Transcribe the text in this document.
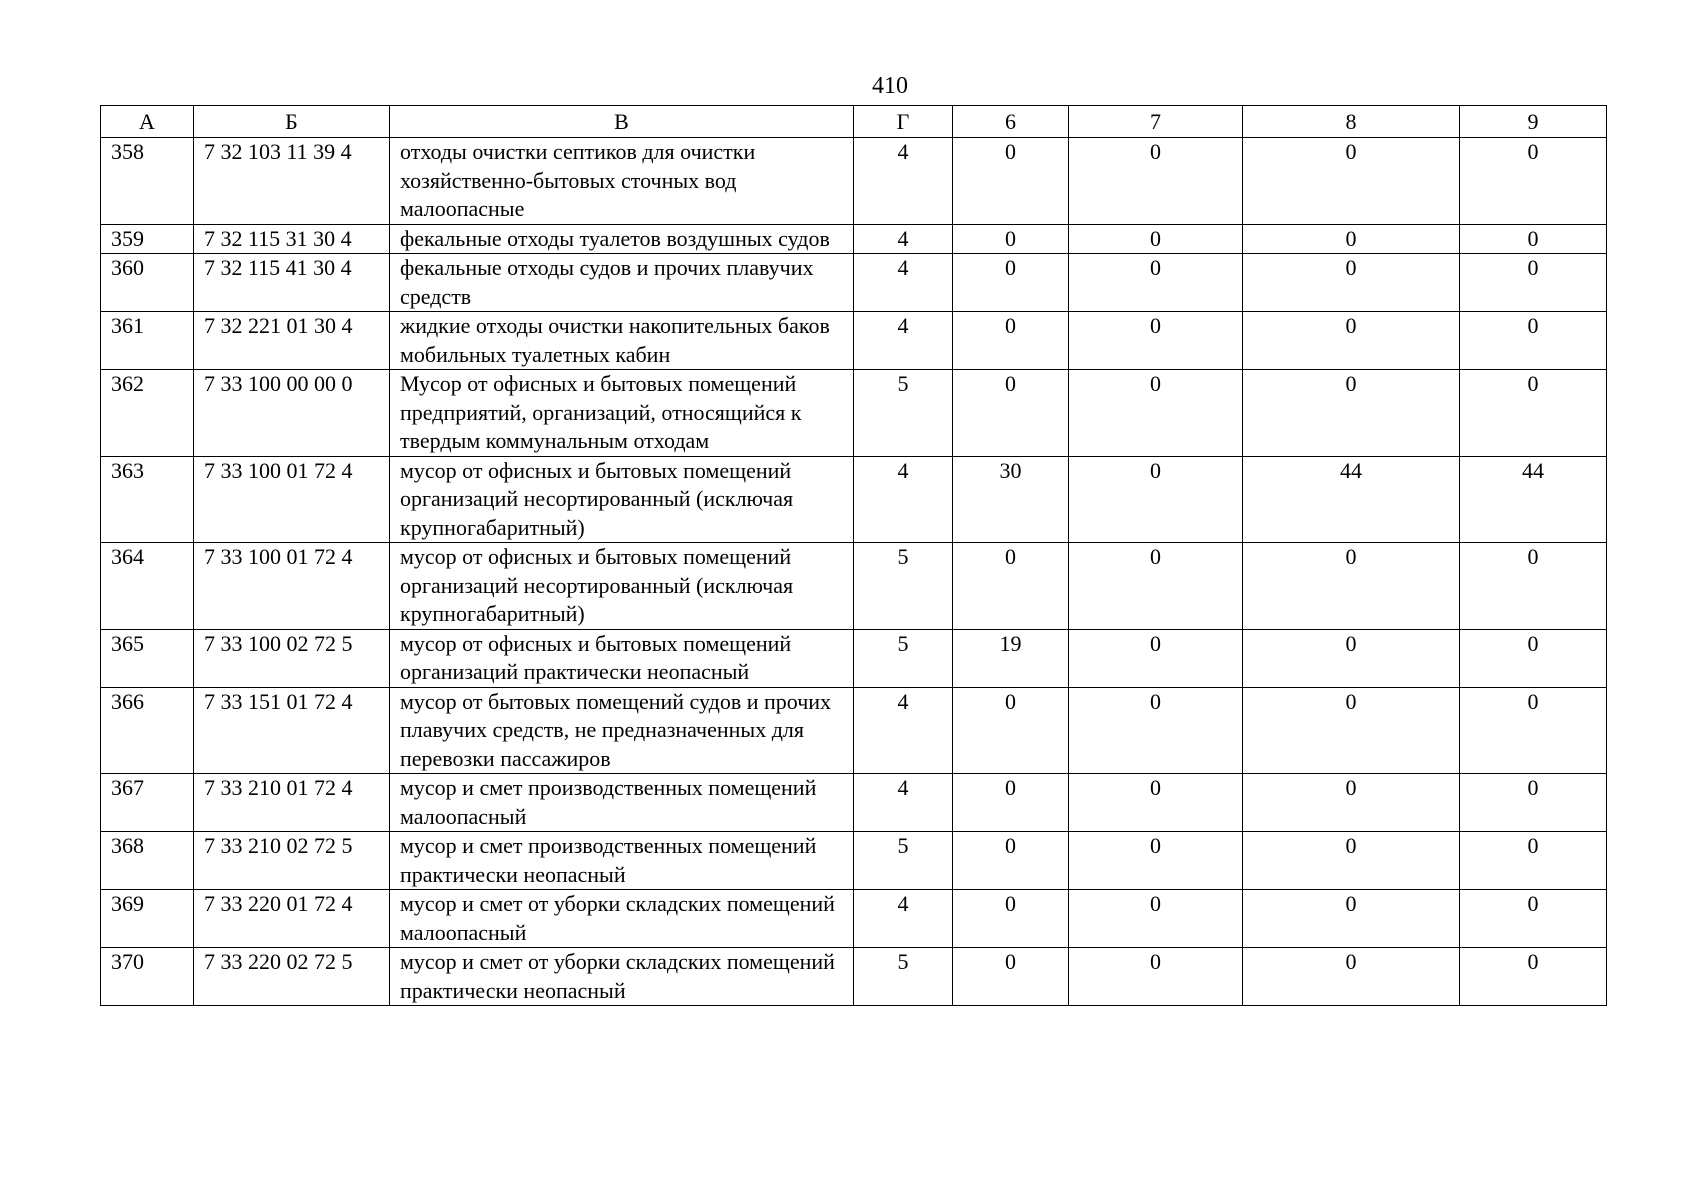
410
А	Б	В	Г	6	7	8	9
358	7 32 103 11 39 4	отходы очистки септиков для очистки хозяйственно-бытовых сточных вод малоопасные	4	0	0	0	0
359	7 32 115 31 30 4	фекальные отходы туалетов воздушных судов	4	0	0	0	0
360	7 32 115 41 30 4	фекальные отходы судов и прочих плавучих средств	4	0	0	0	0
361	7 32 221 01 30 4	жидкие отходы очистки накопительных баков мобильных туалетных кабин	4	0	0	0	0
362	7 33 100 00 00 0	Мусор от офисных и бытовых помещений предприятий, организаций, относящийся к твердым коммунальным отходам	5	0	0	0	0
363	7 33 100 01 72 4	мусор от офисных и бытовых помещений организаций несортированный (исключая крупногабаритный)	4	30	0	44	44
364	7 33 100 01 72 4	мусор от офисных и бытовых помещений организаций несортированный (исключая крупногабаритный)	5	0	0	0	0
365	7 33 100 02 72 5	мусор от офисных и бытовых помещений организаций практически неопасный	5	19	0	0	0
366	7 33 151 01 72 4	мусор от бытовых помещений судов и прочих плавучих средств, не предназначенных для перевозки пассажиров	4	0	0	0	0
367	7 33 210 01 72 4	мусор и смет производственных помещений малоопасный	4	0	0	0	0
368	7 33 210 02 72 5	мусор и смет производственных помещений практически неопасный	5	0	0	0	0
369	7 33 220 01 72 4	мусор и смет от уборки складских помещений малоопасный	4	0	0	0	0
370	7 33 220 02 72 5	мусор и смет от уборки складских помещений практически неопасный	5	0	0	0	0
